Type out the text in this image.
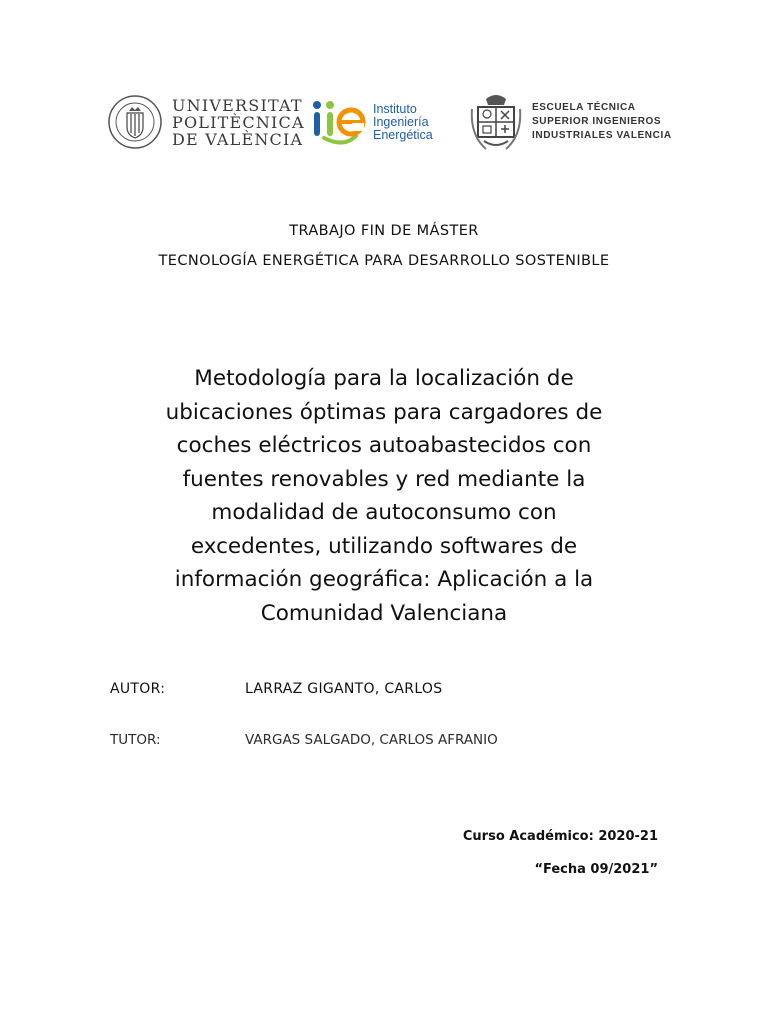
UNIVERSITAT
POLITÈCNICA
DE VALÈNCIA
Instituto
Ingeniería
Energética
ESCUELA TÉCNICA
SUPERIOR INGENIEROS
INDUSTRIALES VALENCIA
TRABAJO FIN DE MÁSTER
TECNOLOGÍA ENERGÉTICA PARA DESARROLLO SOSTENIBLE
Metodología para la localización de
ubicaciones óptimas para cargadores de
coches eléctricos autoabastecidos con
fuentes renovables y red mediante la
modalidad de autoconsumo con
excedentes, utilizando softwares de
información geográfica: Aplicación a la
Comunidad Valenciana
AUTOR:	LARRAZ GIGANTO, CARLOS
TUTOR:	VARGAS SALGADO, CARLOS AFRANIO
Curso Académico: 2020-21
“Fecha 09/2021”
